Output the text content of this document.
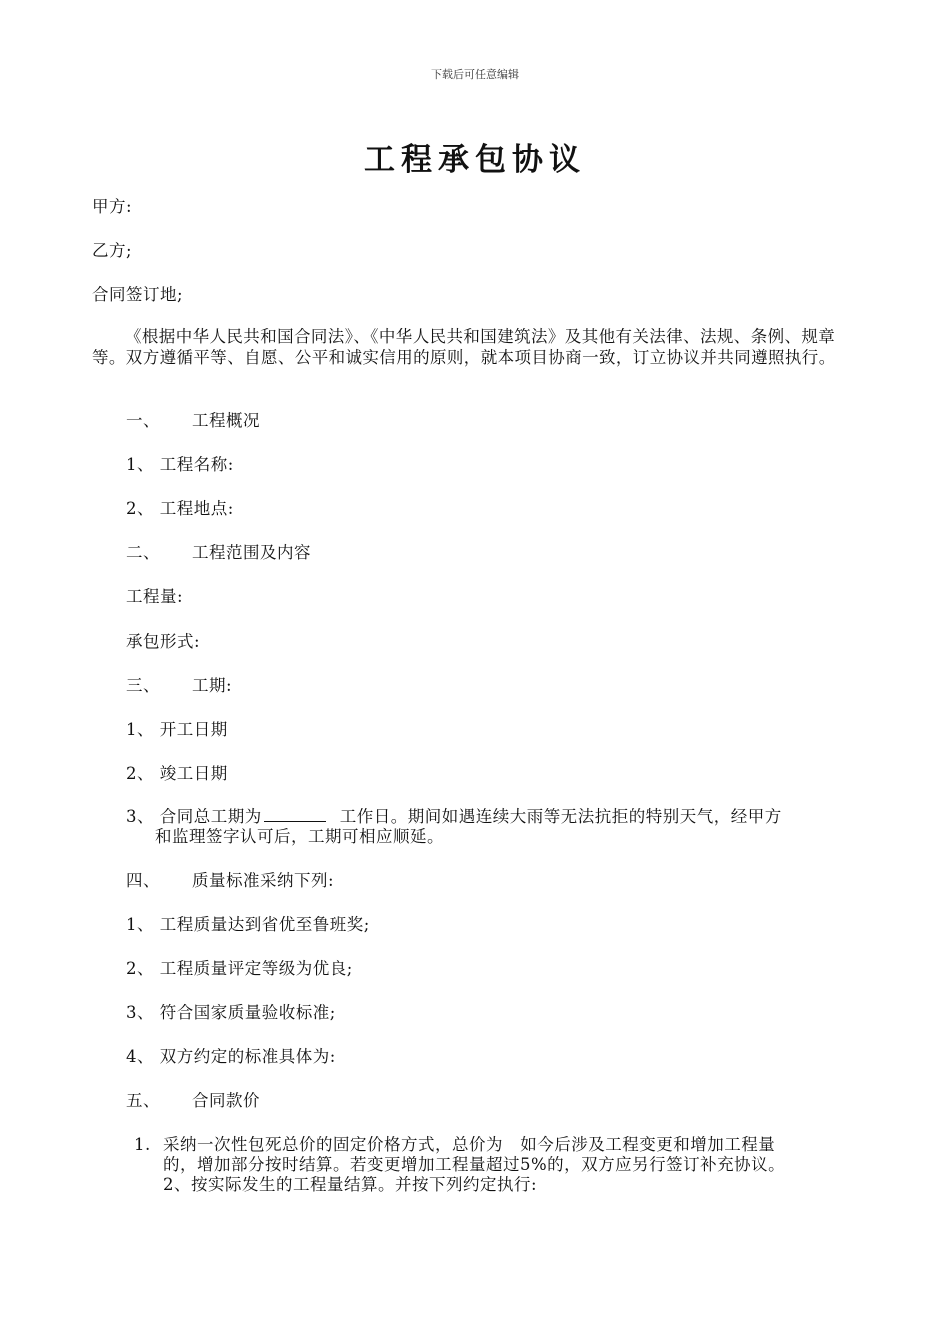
下载后可任意编辑
工程承包协议
甲方:
乙方;
合同签订地;
《根据中华人民共和国合同法》、《中华人民共和国建筑法》及其他有关法律、法规、条例、规章等。双方遵循平等、自愿、公平和诚实信用的原则，就本项目协商一致，订立协议并共同遵照执行。
一、 工程概况
1、 工程名称:
2、 工程地点:
二、 工程范围及内容
工程量:
承包形式:
三、 工期:
1、 开工日期
2、 竣工日期
3、 合同总工期为	工作日。期间如遇连续大雨等无法抗拒的特别天气，经甲方
和监理签字认可后，工期可相应顺延。
四、 质量标准采纳下列:
1、 工程质量达到省优至鲁班奖;
2、 工程质量评定等级为优良;
3、 符合国家质量验收标准;
4、 双方约定的标准具体为:
五、 合同款价
1. 采纳一次性包死总价的固定价格方式，总价为   如今后涉及工程变更和增加工程量
的，增加部分按时结算。若变更增加工程量超过5%的，双方应另行签订补充协议。
2、按实际发生的工程量结算。并按下列约定执行:
